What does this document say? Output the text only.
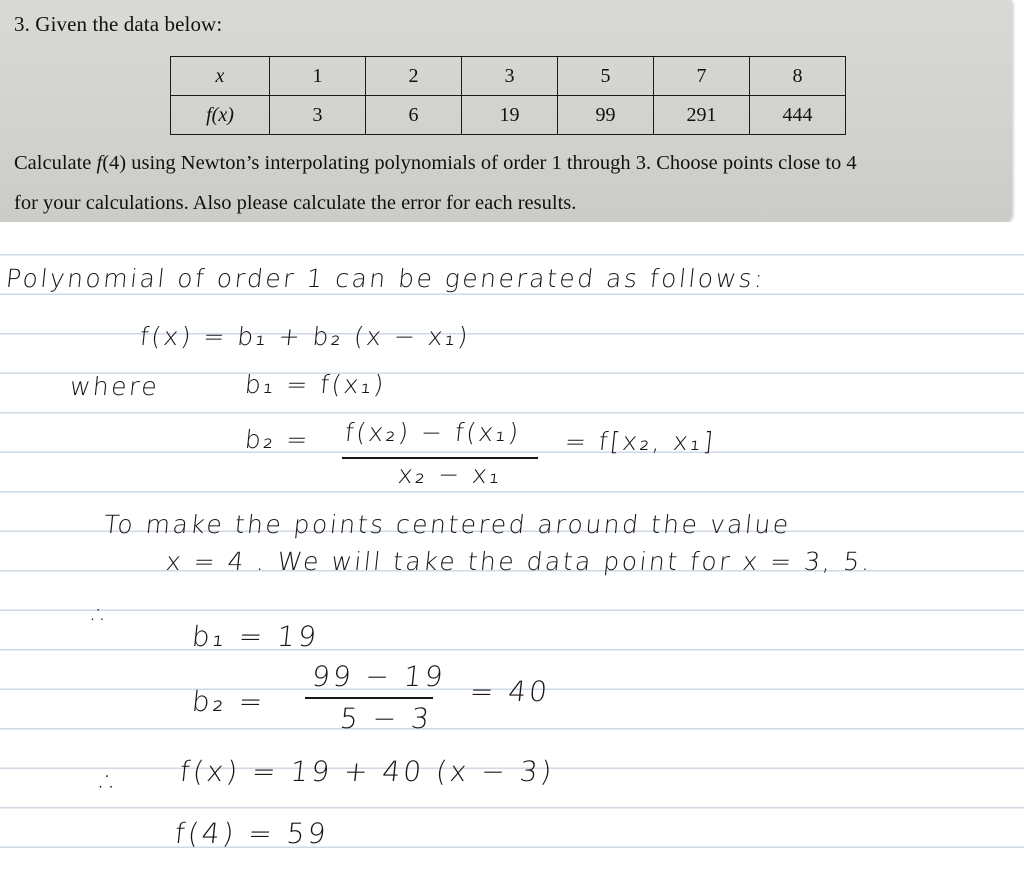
3. Given the data below:
x	1	2	3	5	7	8
f(x)	3	6	19	99	291	444
Calculate f(4) using Newton’s interpolating polynomials of order 1 through 3. Choose points close to 4
for your calculations. Also please calculate the error for each results.
Polynomial of order 1 can be generated as follows:
f(x) = b₁ + b₂ (x − x₁)
where	b₁ = f(x₁)
b₂ = f(x₂) − f(x₁)
x₂ − x₁
= f[x₂, x₁]
To make the points centered around the value
x = 4 . We will take the data point for x = 3, 5.
∴
b₁ = 19
b₂ =
99 − 19
5 − 3
= 40
∴ f(x) = 19 + 40 (x − 3)
f(4) = 59
